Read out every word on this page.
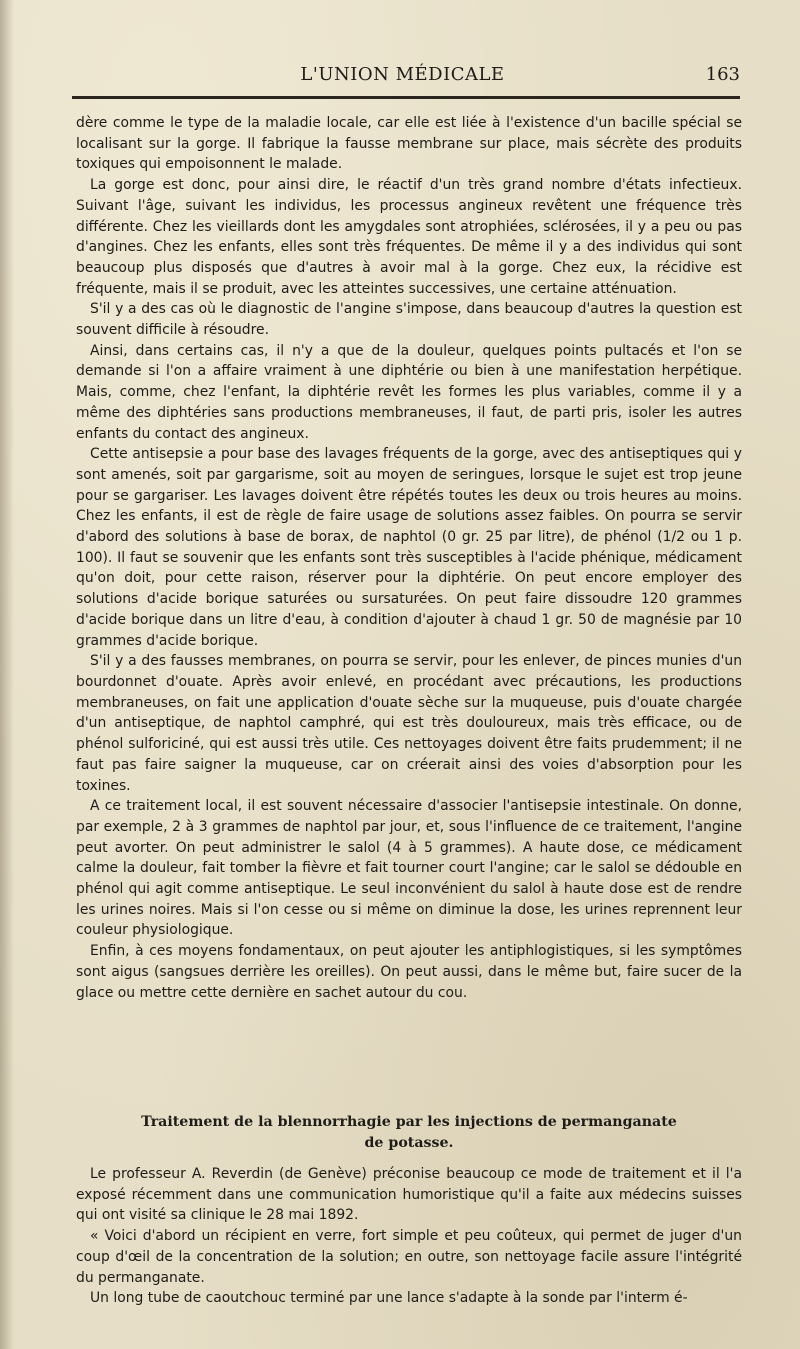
L'UNION MÉDICALE	163

dère comme le type de la maladie locale, car elle est liée à l'existence d'un bacille spécial se localisant sur la gorge. Il fabrique la fausse membrane sur place, mais sécrète des produits toxiques qui empoisonnent le malade.

La gorge est donc, pour ainsi dire, le réactif d'un très grand nombre d'états infectieux. Suivant l'âge, suivant les individus, les processus angineux revêtent une fréquence très différente. Chez les vieillards dont les amygdales sont atrophiées, sclérosées, il y a peu ou pas d'angines. Chez les enfants, elles sont très fréquentes. De même il y a des individus qui sont beaucoup plus disposés que d'autres à avoir mal à la gorge. Chez eux, la récidive est fréquente, mais il se produit, avec les atteintes successives, une certaine atténuation.

S'il y a des cas où le diagnostic de l'angine s'impose, dans beaucoup d'autres la question est souvent difficile à résoudre.

Ainsi, dans certains cas, il n'y a que de la douleur, quelques points pultacés et l'on se demande si l'on a affaire vraiment à une diphtérie ou bien à une manifestation herpétique. Mais, comme, chez l'enfant, la diphtérie revêt les formes les plus variables, comme il y a même des diphtéries sans productions membraneuses, il faut, de parti pris, isoler les autres enfants du contact des angineux.

Cette antisepsie a pour base des lavages fréquents de la gorge, avec des antiseptiques qui y sont amenés, soit par gargarisme, soit au moyen de seringues, lorsque le sujet est trop jeune pour se gargariser. Les lavages doivent être répétés toutes les deux ou trois heures au moins. Chez les enfants, il est de règle de faire usage de solutions assez faibles. On pourra se servir d'abord des solutions à base de borax, de naphtol (0 gr. 25 par litre), de phénol (1/2 ou 1 p. 100). Il faut se souvenir que les enfants sont très susceptibles à l'acide phénique, médicament qu'on doit, pour cette raison, réserver pour la diphtérie. On peut encore employer des solutions d'acide borique saturées ou sursaturées. On peut faire dissoudre 120 grammes d'acide borique dans un litre d'eau, à condition d'ajouter à chaud 1 gr. 50 de magnésie par 10 grammes d'acide borique.

S'il y a des fausses membranes, on pourra se servir, pour les enlever, de pinces munies d'un bourdonnet d'ouate. Après avoir enlevé, en procédant avec précautions, les productions membraneuses, on fait une application d'ouate sèche sur la muqueuse, puis d'ouate chargée d'un antiseptique, de naphtol camphré, qui est très douloureux, mais très efficace, ou de phénol sulforiciné, qui est aussi très utile. Ces nettoyages doivent être faits prudemment; il ne faut pas faire saigner la muqueuse, car on créerait ainsi des voies d'absorption pour les toxines.

A ce traitement local, il est souvent nécessaire d'associer l'antisepsie intestinale. On donne, par exemple, 2 à 3 grammes de naphtol par jour, et, sous l'influence de ce traitement, l'angine peut avorter. On peut administrer le salol (4 à 5 grammes). A haute dose, ce médicament calme la douleur, fait tomber la fièvre et fait tourner court l'angine; car le salol se dédouble en phénol qui agit comme antiseptique. Le seul inconvénient du salol à haute dose est de rendre les urines noires. Mais si l'on cesse ou si même on diminue la dose, les urines reprennent leur couleur physiologique.

Enfin, à ces moyens fondamentaux, on peut ajouter les antiphlogistiques, si les symptômes sont aigus (sangsues derrière les oreilles). On peut aussi, dans le même but, faire sucer de la glace ou mettre cette dernière en sachet autour du cou.

Traitement de la blennorrhagie par les injections de permanganate
de potasse.

Le professeur A. Reverdin (de Genève) préconise beaucoup ce mode de traitement et il l'a exposé récemment dans une communication humoristique qu'il a faite aux médecins suisses qui ont visité sa clinique le 28 mai 1892.

« Voici d'abord un récipient en verre, fort simple et peu coûteux, qui permet de juger d'un coup d'œil de la concentration de la solution; en outre, son nettoyage facile assure l'intégrité du permanganate.

Un long tube de caoutchouc terminé par une lance s'adapte à la sonde par l'interm é-
